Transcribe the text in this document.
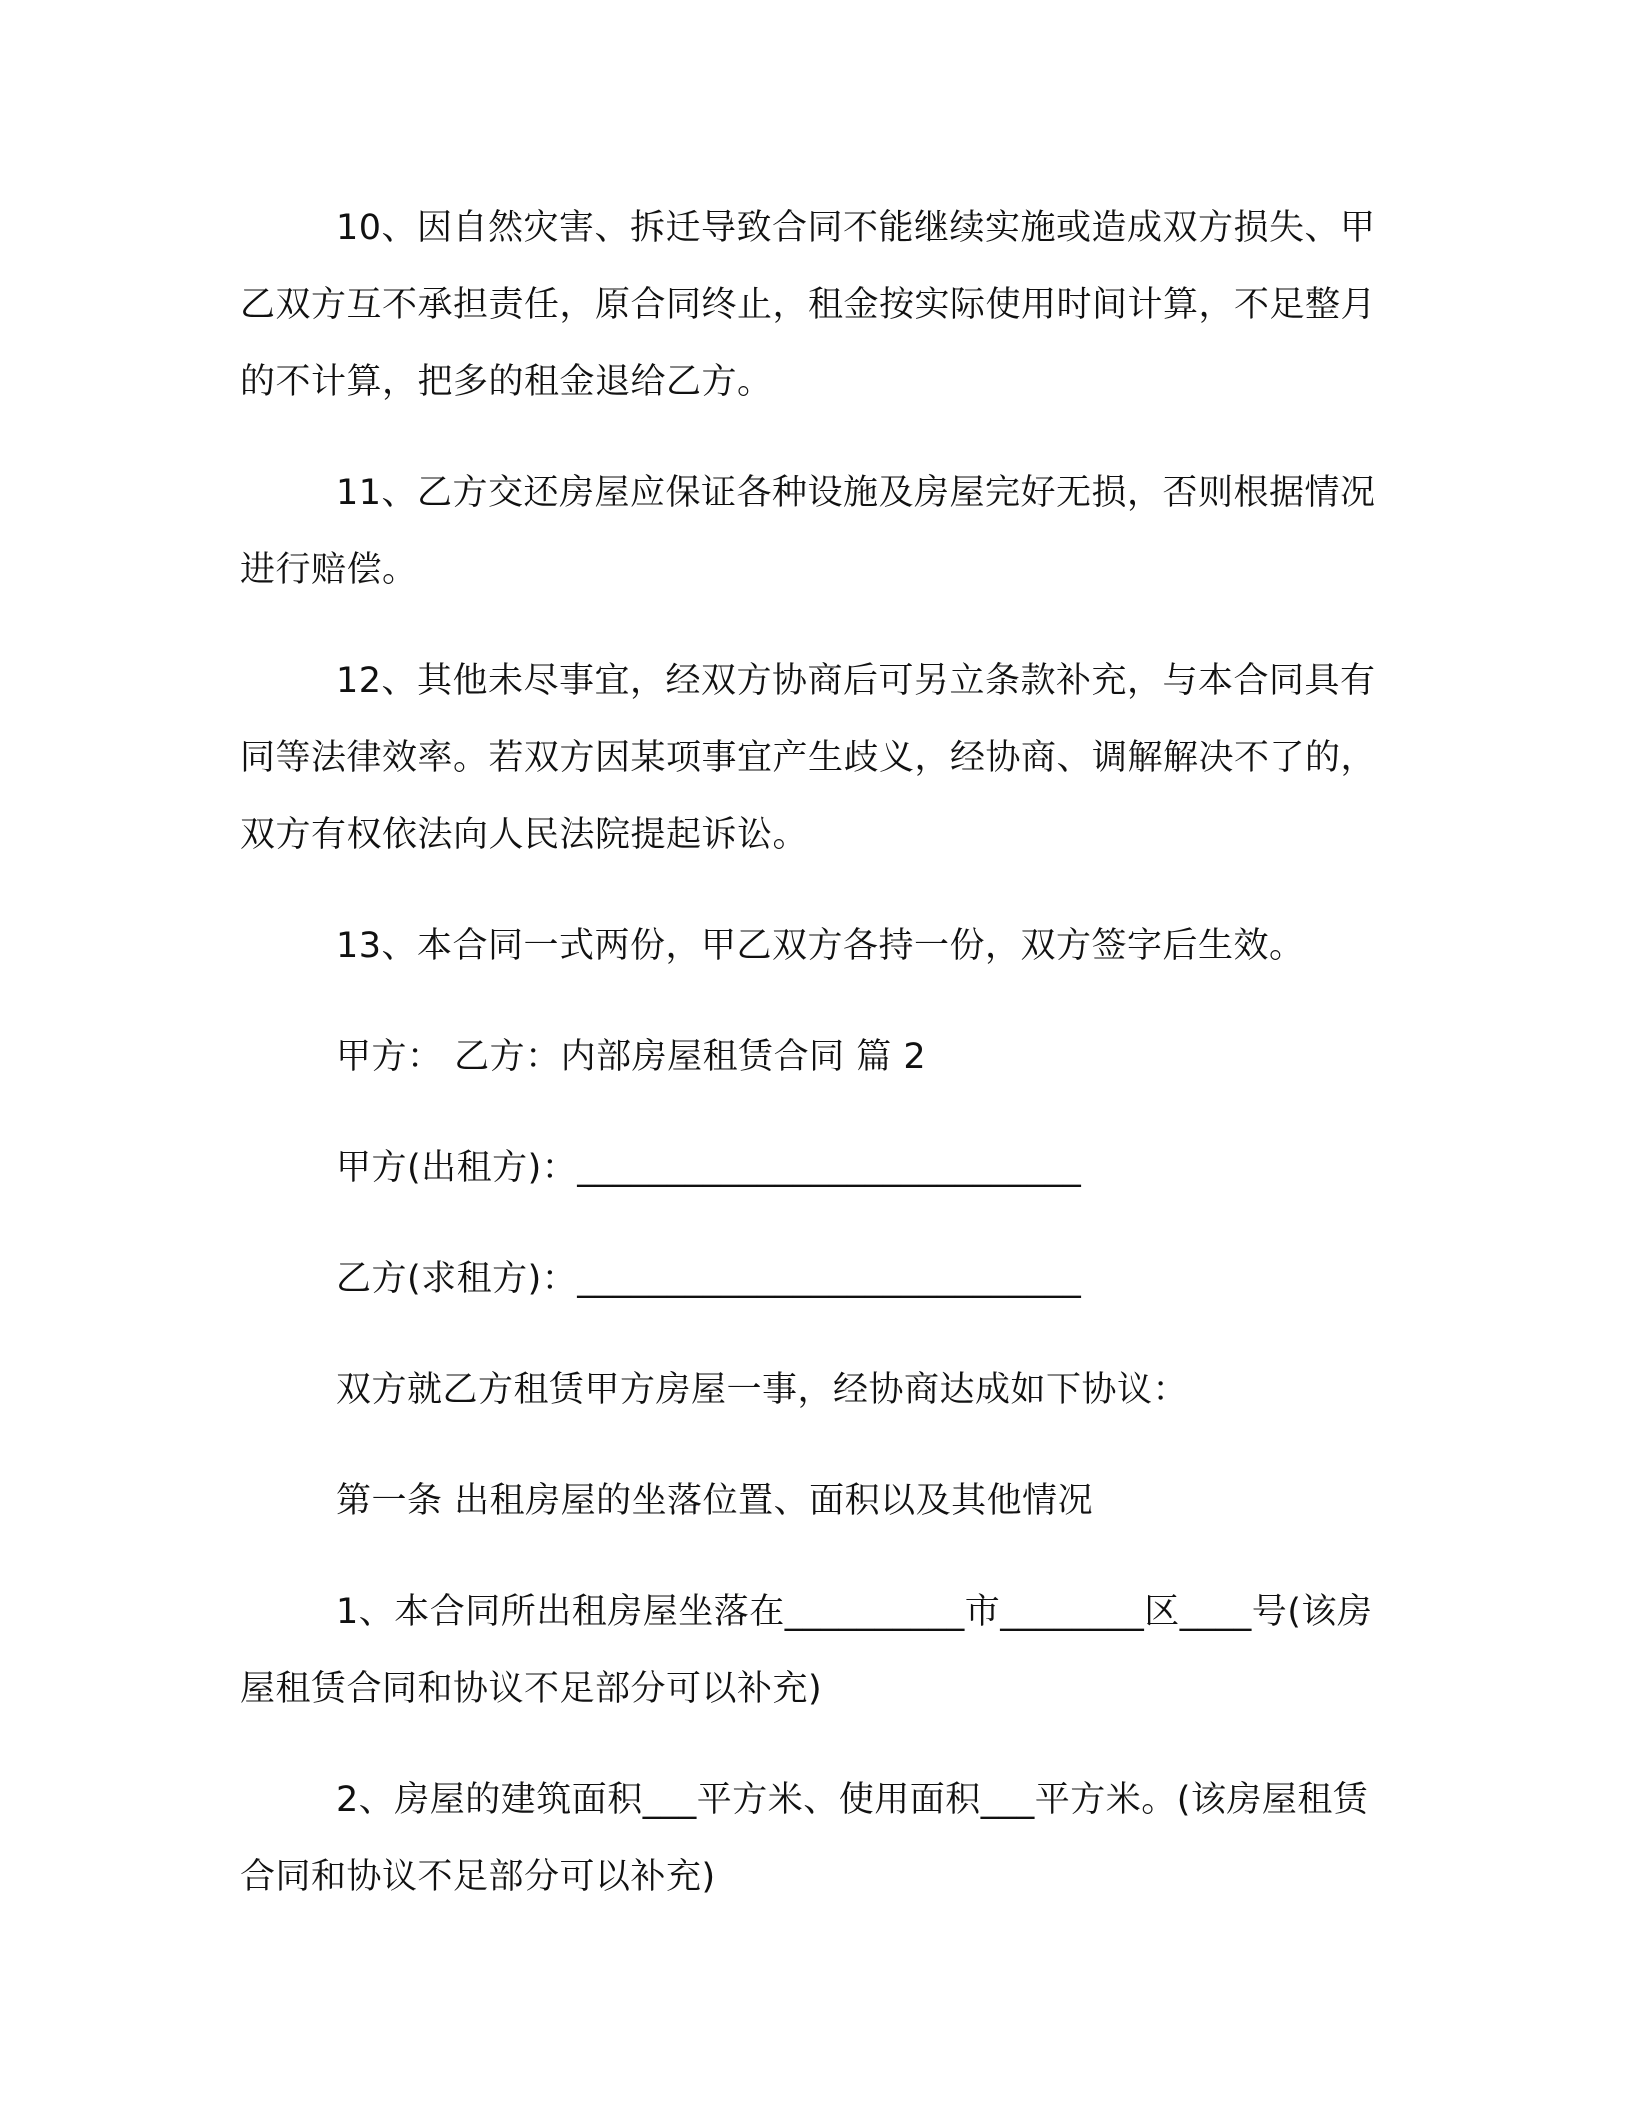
10、因自然灾害、拆迁导致合同不能继续实施或造成双方损失、甲乙双方互不承担责任，原合同终止，租金按实际使用时间计算，不足整月的不计算，把多的租金退给乙方。

11、乙方交还房屋应保证各种设施及房屋完好无损，否则根据情况进行赔偿。

12、其他未尽事宜，经双方协商后可另立条款补充，与本合同具有同等法律效率。若双方因某项事宜产生歧义，经协商、调解解决不了的，双方有权依法向人民法院提起诉讼。

13、本合同一式两份，甲乙双方各持一份，双方签字后生效。

甲方： 乙方：内部房屋租赁合同 篇 2

甲方(出租方)：____________________________

乙方(求租方)：____________________________

双方就乙方租赁甲方房屋一事，经协商达成如下协议：

第一条 出租房屋的坐落位置、面积以及其他情况

1、本合同所出租房屋坐落在__________市________区____号(该房屋租赁合同和协议不足部分可以补充)

2、房屋的建筑面积___平方米、使用面积___平方米。(该房屋租赁合同和协议不足部分可以补充)
